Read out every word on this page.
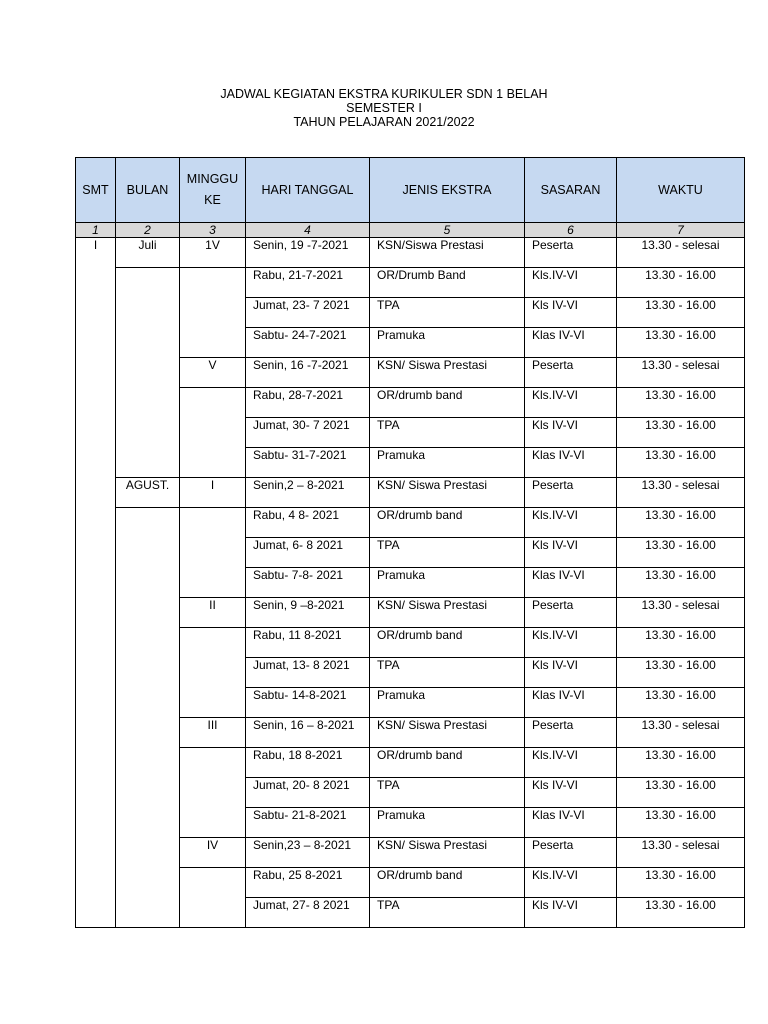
JADWAL KEGIATAN EKSTRA KURIKULER SDN 1 BELAH
SEMESTER I
TAHUN PELAJARAN 2021/2022
SMT	BULAN	MINGGU KE	HARI TANGGAL	JENIS EKSTRA	SASARAN	WAKTU
1	2	3	4	5	6	7
I	Juli	1V	Senin, 19 -7-2021	KSN/Siswa Prestasi	Peserta	13.30 - selesai
			Rabu, 21-7-2021	OR/Drumb Band	Kls.IV-VI	13.30 - 16.00
			Jumat, 23- 7 2021	TPA	Kls IV-VI	13.30 - 16.00
			Sabtu- 24-7-2021	Pramuka	Klas IV-VI	13.30 - 16.00
		V	Senin, 16 -7-2021	KSN/ Siswa Prestasi	Peserta	13.30 - selesai
			Rabu, 28-7-2021	OR/drumb band	Kls.IV-VI	13.30 - 16.00
			Jumat, 30- 7 2021	TPA	Kls IV-VI	13.30 - 16.00
			Sabtu- 31-7-2021	Pramuka	Klas IV-VI	13.30 - 16.00
	AGUST.	I	Senin,2 – 8-2021	KSN/ Siswa Prestasi	Peserta	13.30 - selesai
			Rabu, 4 8- 2021	OR/drumb band	Kls.IV-VI	13.30 - 16.00
			Jumat, 6- 8 2021	TPA	Kls IV-VI	13.30 - 16.00
			Sabtu- 7-8- 2021	Pramuka	Klas IV-VI	13.30 - 16.00
		II	Senin, 9 –8-2021	KSN/ Siswa Prestasi	Peserta	13.30 - selesai
			Rabu, 11 8-2021	OR/drumb band	Kls.IV-VI	13.30 - 16.00
			Jumat, 13- 8 2021	TPA	Kls IV-VI	13.30 - 16.00
			Sabtu- 14-8-2021	Pramuka	Klas IV-VI	13.30 - 16.00
		III	Senin, 16 – 8-2021	KSN/ Siswa Prestasi	Peserta	13.30 - selesai
			Rabu, 18 8-2021	OR/drumb band	Kls.IV-VI	13.30 - 16.00
			Jumat, 20- 8 2021	TPA	Kls IV-VI	13.30 - 16.00
			Sabtu- 21-8-2021	Pramuka	Klas IV-VI	13.30 - 16.00
		IV	Senin,23 – 8-2021	KSN/ Siswa Prestasi	Peserta	13.30 - selesai
			Rabu, 25 8-2021	OR/drumb band	Kls.IV-VI	13.30 - 16.00
			Jumat, 27- 8 2021	TPA	Kls IV-VI	13.30 - 16.00
